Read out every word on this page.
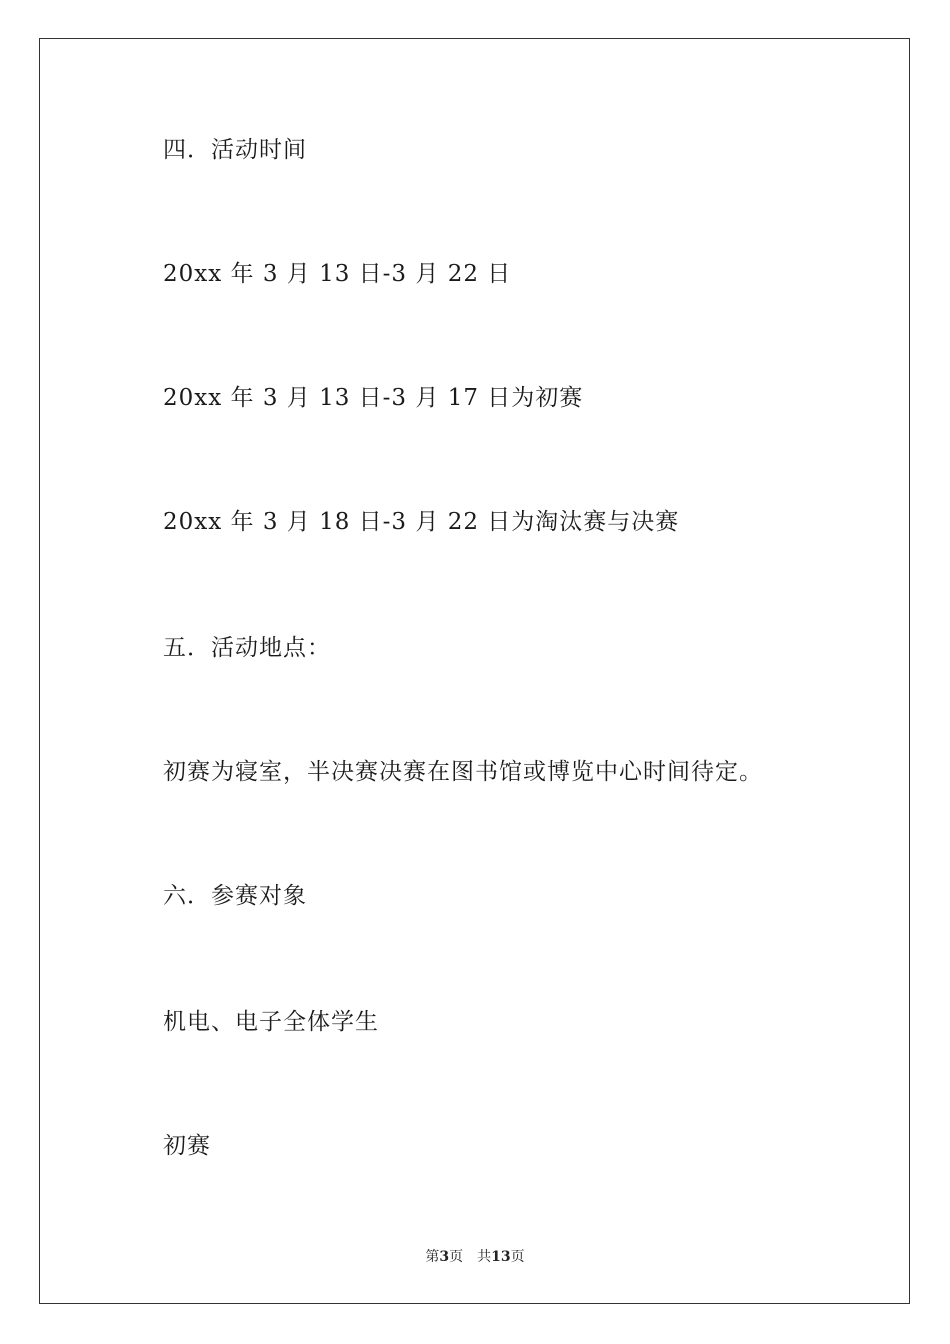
四．活动时间
20xx 年 3 月 13 日-3 月 22 日
20xx 年 3 月 13 日-3 月 17 日为初赛
20xx 年 3 月 18 日-3 月 22 日为淘汰赛与决赛
五．活动地点：
初赛为寝室，半决赛决赛在图书馆或博览中心时间待定。
六．参赛对象
机电、电子全体学生
初赛
第3页 共13页
